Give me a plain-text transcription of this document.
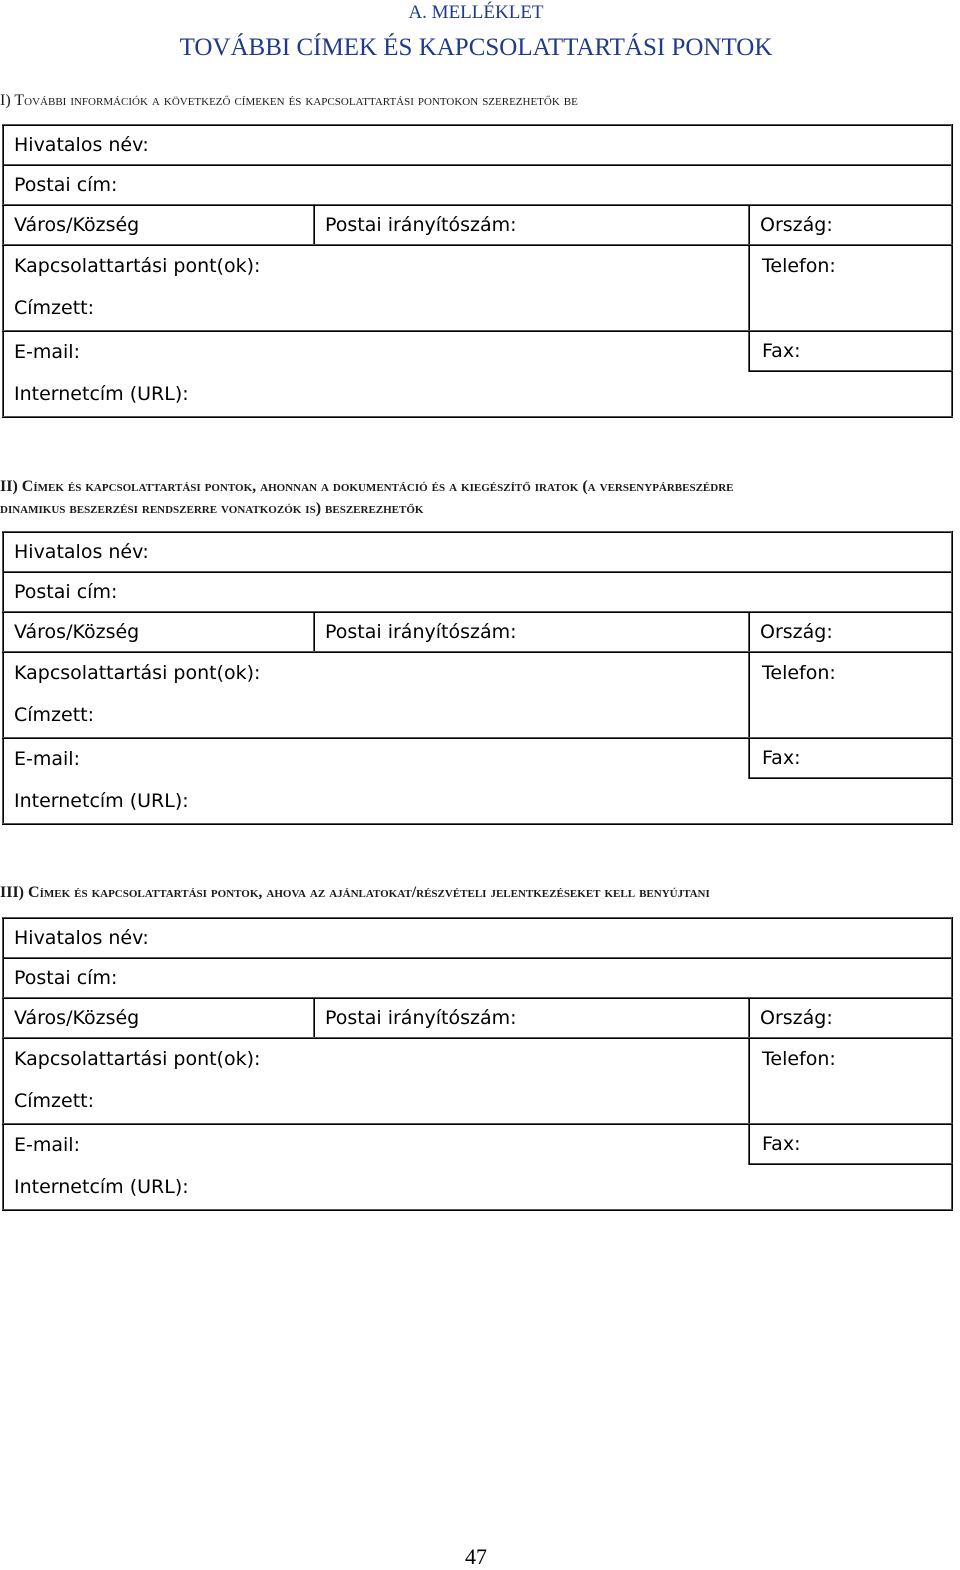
A. MELLÉKLET
TOVÁBBI CÍMEK ÉS KAPCSOLATTARTÁSI PONTOK
I) További információk a következő címeken és kapcsolattartási pontokon szerezhetők be
Hivatalos név:		
Postai cím:		
Város/Község	Postai irányítószám:	Ország:
Kapcsolattartási pont(ok):		Telefon:
Címzett:		
E-mail:		Fax:
Internetcím (URL):		
II) Címek és kapcsolattartási pontok, ahonnan a dokumentáció és a kiegészítő iratok (a versenypárbeszédre
dinamikus beszerzési rendszerre vonatkozók is) beszerezhetők
Hivatalos név:		
Postai cím:		
Város/Község	Postai irányítószám:	Ország:
Kapcsolattartási pont(ok):		Telefon:
Címzett:		
E-mail:		Fax:
Internetcím (URL):		
III) Címek és kapcsolattartási pontok, ahova az ajánlatokat/részvételi jelentkezéseket kell benyújtani
Hivatalos név:		
Postai cím:		
Város/Község	Postai irányítószám:	Ország:
Kapcsolattartási pont(ok):		Telefon:
Címzett:		
E-mail:		Fax:
Internetcím (URL):		
47
